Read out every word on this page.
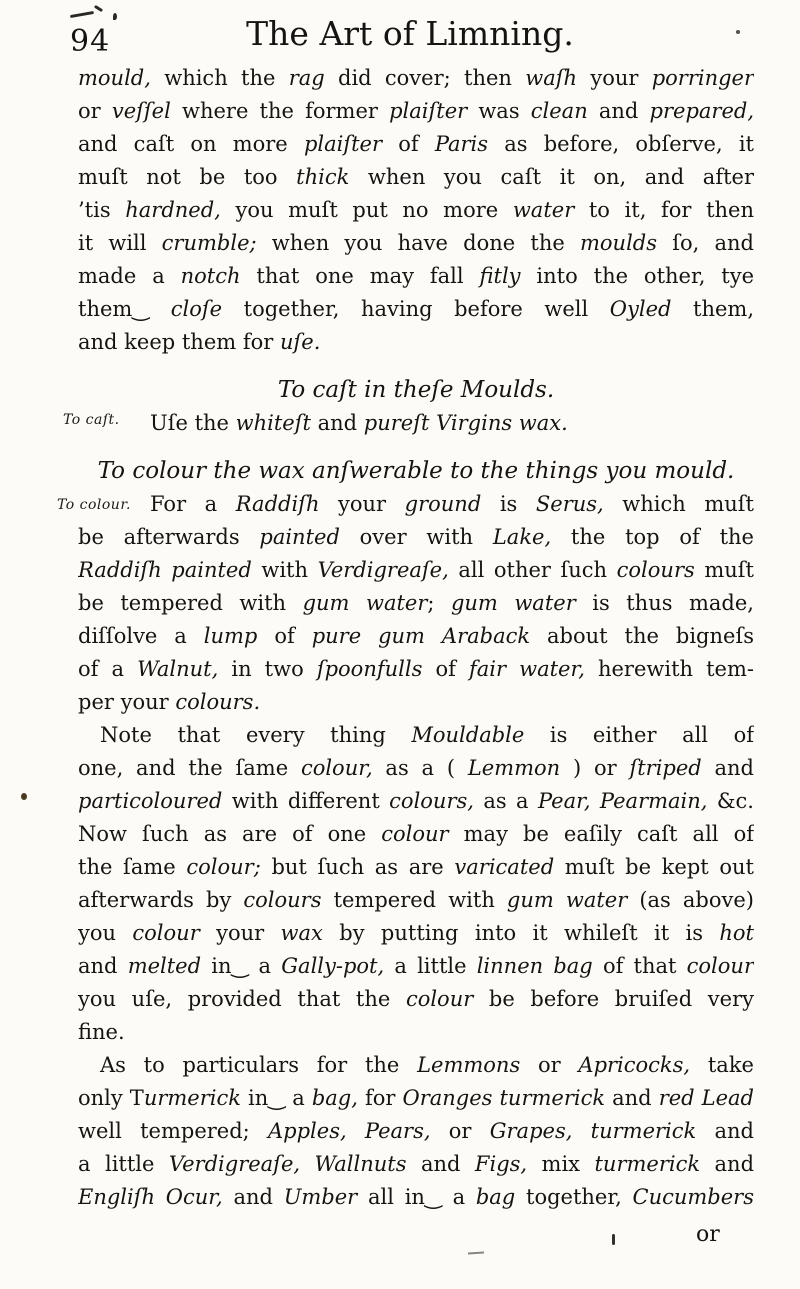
94	The Art of Limning.
To caſt.
To colour.
mould, which the rag did cover; then waſh your porringer
or veſſel where the former plaiſter was clean and prepared,
and caſt on more plaiſter of Paris as before, obſerve, it
muſt not be too thick when you caſt it on, and after
’tis hardned, you muſt put no more water to it, for then
it will crumble; when you have done the moulds ſo, and
made a notch that one may fall fitly into the other, tye
them‿ cloſe together, having before well Oyled them,
and keep them for uſe.
To caſt in theſe Moulds.
Uſe the whiteſt and pureſt Virgins wax.
To colour the wax anſwerable to the things you mould.
For a Raddiſh your ground is Serus, which muſt
be afterwards painted over with Lake, the top of the
Raddiſh painted with Verdigreaſe, all other ſuch colours muſt
be tempered with gum water; gum water is thus made,
diſſolve a lump of pure gum Araback about the bigneſs
of a Walnut, in two ſpoonfulls of fair water, herewith tem-
per your colours.
Note that every thing Mouldable is either all of
one, and the ſame colour, as a ( Lemmon ) or ſtriped and
particoloured with different colours, as a Pear, Pearmain, &c.
Now ſuch as are of one colour may be eaſily caſt all of
the ſame colour; but ſuch as are varicated muſt be kept out
afterwards by colours tempered with gum water (as above)
you colour your wax by putting into it whileſt it is hot
and melted in‿ a Gally-pot, a little linnen bag of that colour
you uſe, provided that the colour be before bruiſed very
fine.
As to particulars for the Lemmons or Apricocks, take
only Turmerick in‿ a bag, for Oranges turmerick and red Lead
well tempered; Apples, Pears, or Grapes, turmerick and
a little Verdigreaſe, Wallnuts and Figs, mix turmerick and
Engliſh Ocur, and Umber all in‿ a bag together, Cucumbers
or
